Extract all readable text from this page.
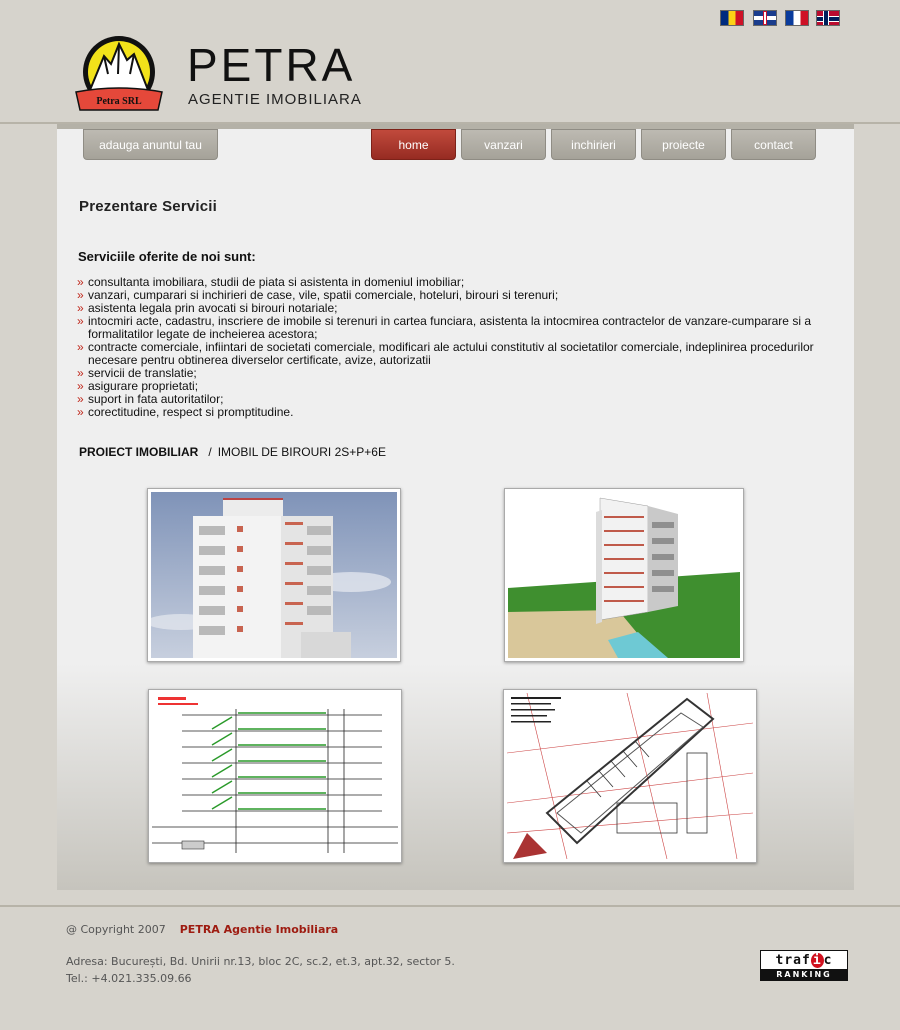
Petra SRL
PETRA
AGENTIE IMOBILIARA
adauga anuntul tau	home	vanzari	inchirieri	proiecte	contact
Prezentare Servicii
Serviciile oferite de noi sunt:
» consultanta imobiliara, studii de piata si asistenta in domeniul imobiliar;
» vanzari, cumparari si inchirieri de case, vile, spatii comerciale, hoteluri, birouri si terenuri;
» asistenta legala prin avocati si birouri notariale;
» intocmiri acte, cadastru, inscriere de imobile si terenuri in cartea funciara, asistenta la intocmirea contractelor de vanzare-cumparare si a formalitatilor legate de incheierea acestora;
» contracte comerciale, infiintari de societati comerciale, modificari ale actului constitutiv al societatilor comerciale, indeplinirea procedurilor necesare pentru obtinerea diverselor certificate, avize, autorizatii
» servicii de translatie;
» asigurare proprietati;
» suport in fata autoritatilor;
» corectitudine, respect si promptitudine.
PROIECT IMOBILIAR / IMOBIL DE BIROURI 2S+P+6E
@ Copyright 2007 PETRA Agentie Imobiliara
Adresa: București, Bd. Unirii nr.13, bloc 2C, sc.2, et.3, apt.32, sector 5.
Tel.: +4.021.335.09.66
traf i c
RANKING
